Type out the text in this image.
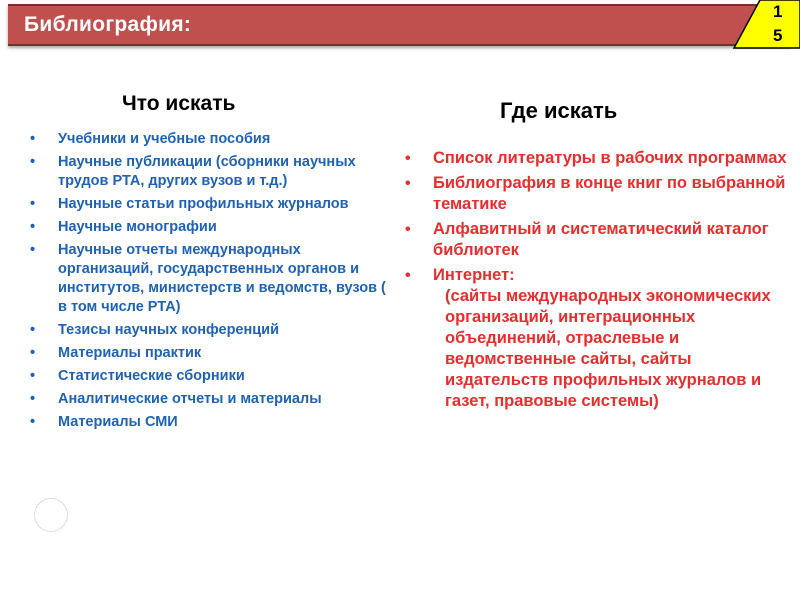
Библиография:
1
5
Что искать	Где искать
• Учебники и учебные пособия
• Научные публикации (сборники научных трудов РТА, других вузов и т.д.)
• Научные статьи профильных журналов
• Научные монографии
• Научные отчеты международных организаций, государственных органов и институтов, министерств и ведомств, вузов ( в том числе РТА)
• Тезисы научных конференций
• Материалы практик
• Статистические сборники
• Аналитические отчеты и материалы
• Материалы СМИ
• Список литературы в рабочих программах
• Библиография в конце книг по выбранной тематике
• Алфавитный и систематический каталог библиотек
• Интернет:
(сайты международных экономических организаций, интеграционных объединений, отраслевые и ведомственные сайты, сайты издательств профильных журналов и газет, правовые системы)
